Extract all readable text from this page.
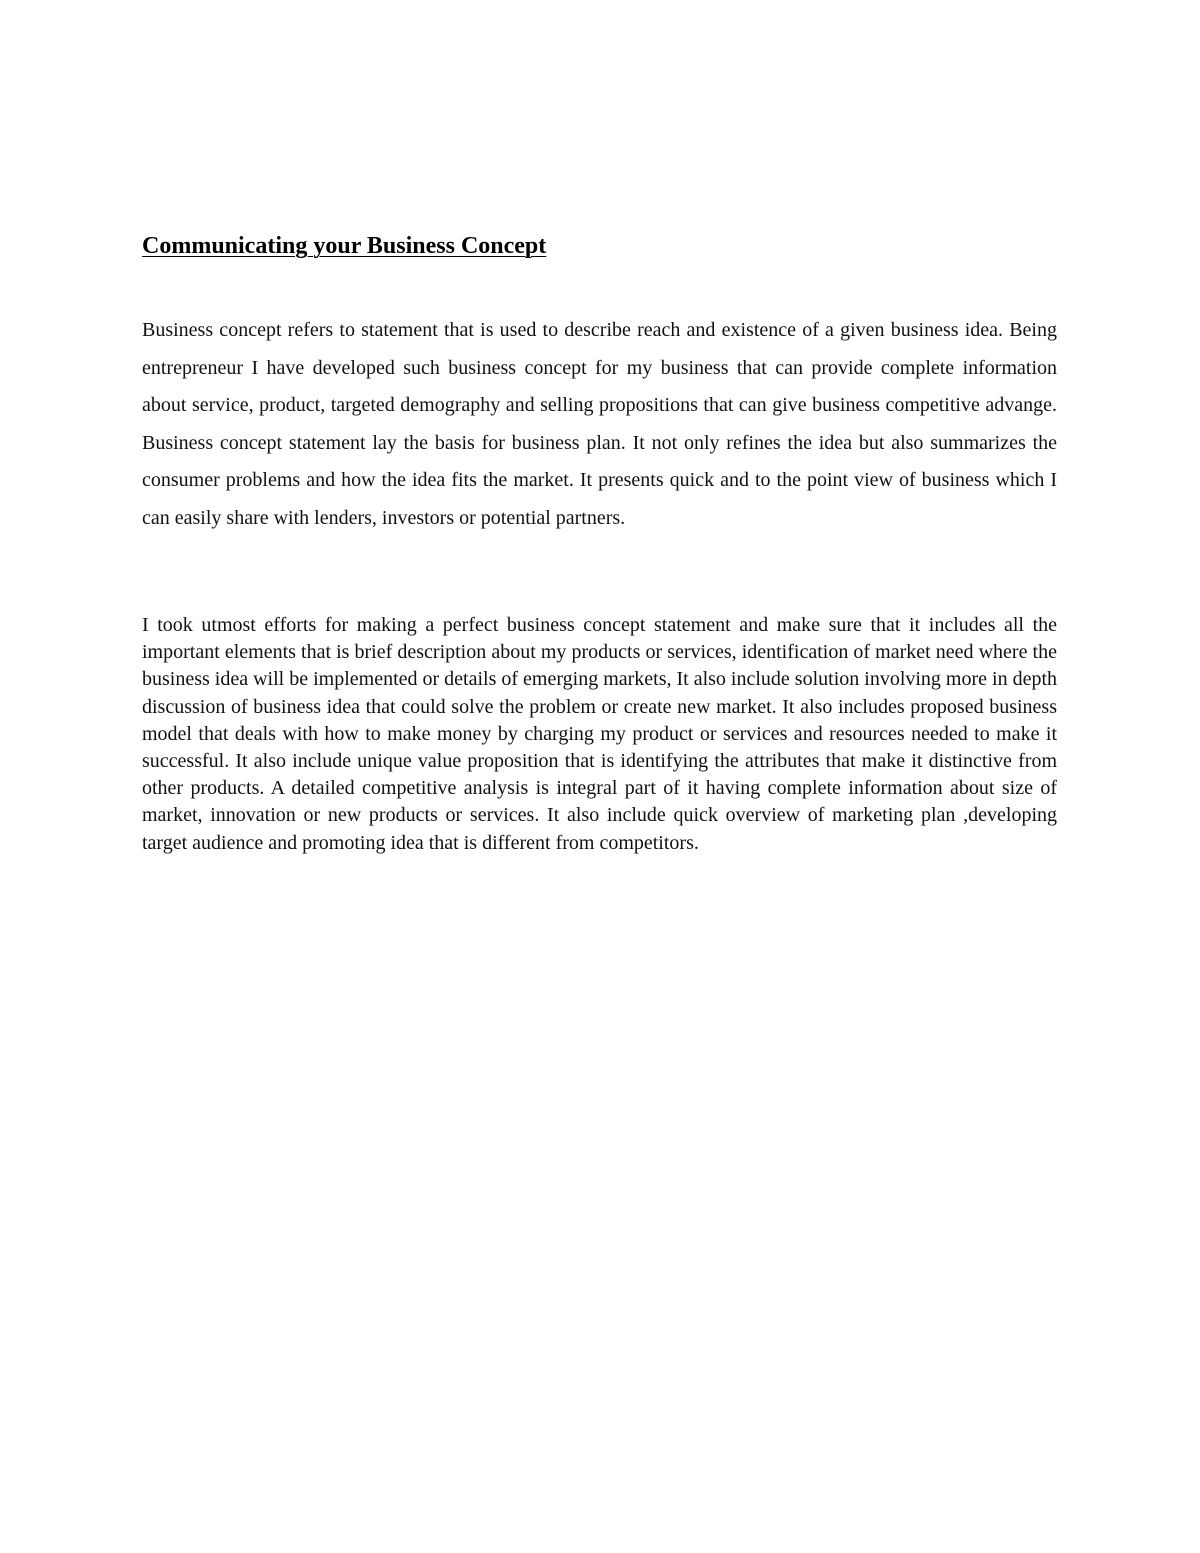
Communicating your Business Concept

Business concept refers to statement that is used to describe reach and existence of a given business idea. Being entrepreneur I have developed such business concept for my business that can provide complete information about service, product, targeted demography and selling propositions that can give business competitive advange. Business concept statement lay the basis for business plan. It not only refines the idea but also summarizes the consumer problems and how the idea fits the market. It presents quick and to the point view of business which I can easily share with lenders, investors or potential partners.

I took utmost efforts for making a perfect business concept statement and make sure that it includes all the important elements that is brief description about my products or services, identification of market need where the business idea will be implemented or details of emerging markets, It also include solution involving more in depth discussion of business idea that could solve the problem or create new market. It also includes proposed business model that deals with how to make money by charging my product or services and resources needed to make it successful. It also include unique value proposition that is identifying the attributes that make it distinctive from other products. A detailed competitive analysis is integral part of it having complete information about size of market, innovation or new products or services. It also include quick overview of marketing plan ,developing target audience and promoting idea that is different from competitors.
